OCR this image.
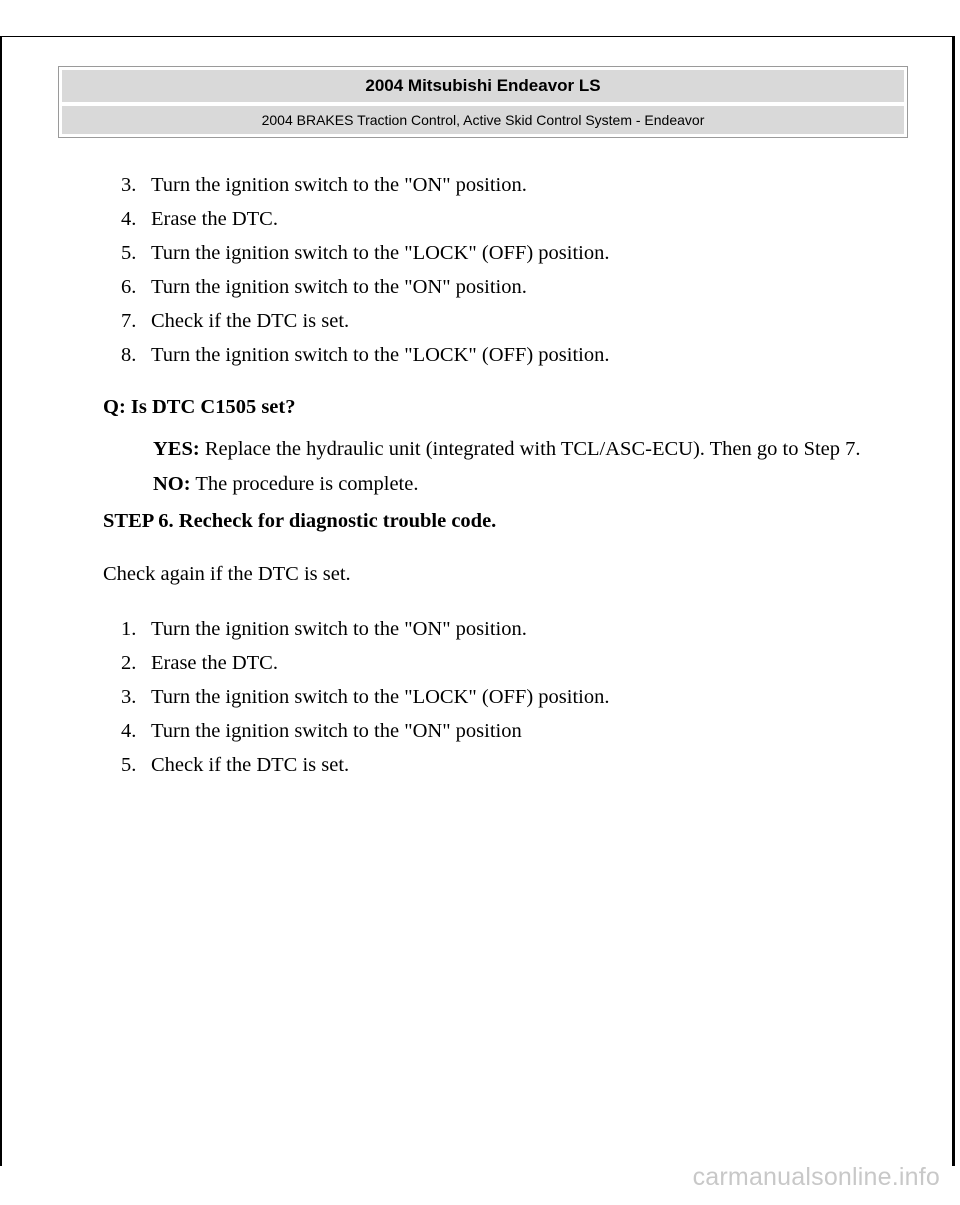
2004 Mitsubishi Endeavor LS
2004 BRAKES Traction Control, Active Skid Control System - Endeavor
3. Turn the ignition switch to the "ON" position.
4. Erase the DTC.
5. Turn the ignition switch to the "LOCK" (OFF) position.
6. Turn the ignition switch to the "ON" position.
7. Check if the DTC is set.
8. Turn the ignition switch to the "LOCK" (OFF) position.
Q: Is DTC C1505 set?
YES: Replace the hydraulic unit (integrated with TCL/ASC-ECU). Then go to Step 7.
NO: The procedure is complete.
STEP 6. Recheck for diagnostic trouble code.
Check again if the DTC is set.
1. Turn the ignition switch to the "ON" position.
2. Erase the DTC.
3. Turn the ignition switch to the "LOCK" (OFF) position.
4. Turn the ignition switch to the "ON" position
5. Check if the DTC is set.
carmanualsonline.info
